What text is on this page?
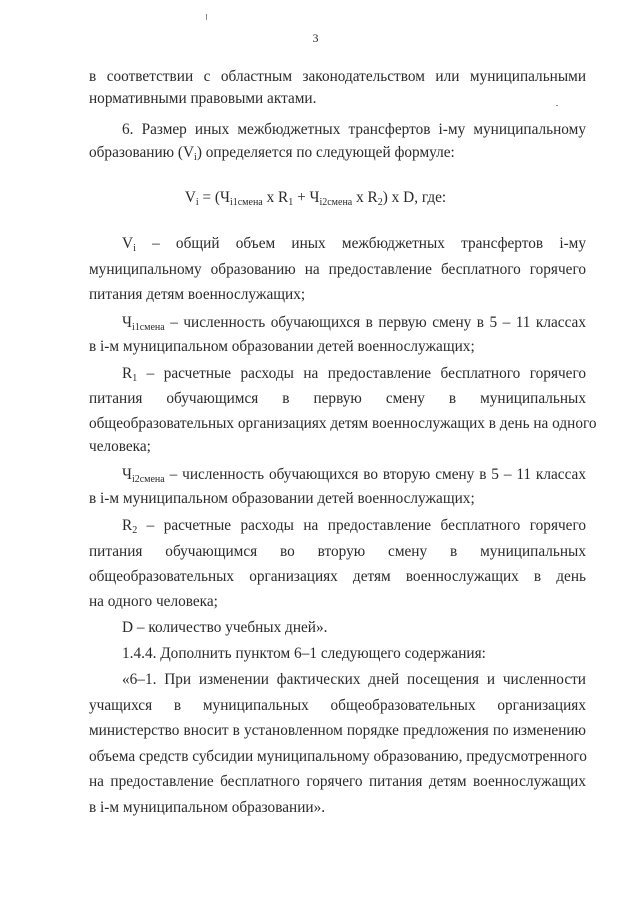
3
в соответствии с областным законодательством или муниципальными
нормативными правовыми актами.
6. Размер иных межбюджетных трансфертов i-му муниципальному
образованию $(V_i)$ определяется по следующей формуле:
$V_i = (Ч_{i1смена}$ х $R_1 + Ч_{i2смена}$ х $R_2$) х D, где:
$V_i$ – общий объем иных межбюджетных трансфертов i-му
муниципальному образованию на предоставление бесплатного горячего
питания детям военнослужащих;
$Ч_{i1смена}$ – численность обучающихся в первую смену в 5 – 11 классах
в i-м муниципальном образовании детей военнослужащих;
$R_1$ – расчетные расходы на предоставление бесплатного горячего
питания обучающимся в первую смену в муниципальных
общеобразовательных организациях детям военнослужащих в день на одного
человека;
$Ч_{i2смена}$ – численность обучающихся во вторую смену в 5 – 11 классах
в i-м муниципальном образовании детей военнослужащих;
$R_2$ – расчетные расходы на предоставление бесплатного горячего
питания обучающимся во вторую смену в муниципальных
общеобразовательных организациях детям военнослужащих в день
на одного человека;
D – количество учебных дней».
1.4.4. Дополнить пунктом 6–1 следующего содержания:
«6–1. При изменении фактических дней посещения и численности
учащихся в муниципальных общеобразовательных организациях
министерство вносит в установленном порядке предложения по изменению
объема средств субсидии муниципальному образованию, предусмотренного
на предоставление бесплатного горячего питания детям военнослужащих
в i-м муниципальном образовании».
